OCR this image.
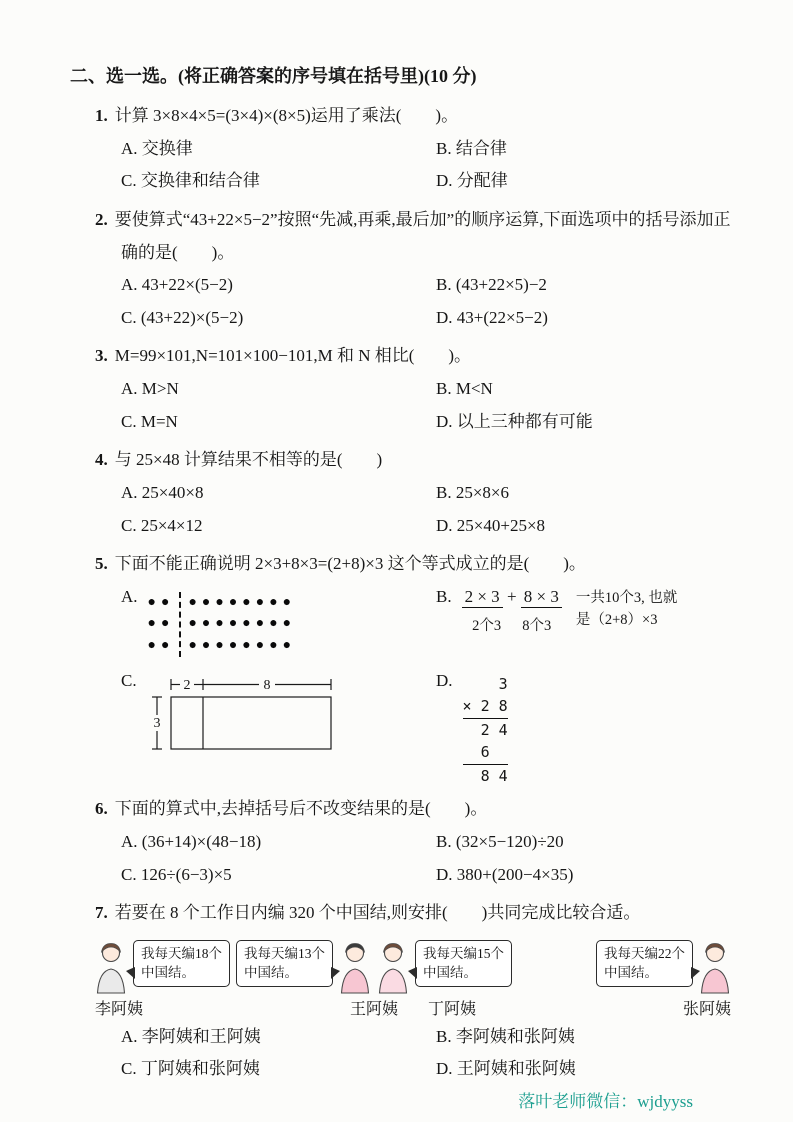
二、选一选。(将正确答案的序号填在括号里)(10 分)

1. 计算 3×8×4×5=(3×4)×(8×5)运用了乘法(　　)。

A. 交换律	B. 结合律
C. 交换律和结合律	D. 分配律

2. 要使算式“43+22×5−2”按照“先减,再乘,最后加”的顺序运算,下面选项中的括号添加正确的是(　　)。

A. 43+22×(5−2)	B. (43+22×5)−2
C. (43+22)×(5−2)	D. 43+(22×5−2)

3. M=99×101,N=101×100−101,M 和 N 相比(　　)。

A. M>N	B. M<N
C. M=N	D. 以上三种都有可能

4. 与 25×48 计算结果不相等的是(　　)

A. 25×40×8	B. 25×8×6
C. 25×4×12	D. 25×40+25×8

5. 下面不能正确说明 2×3+8×3=(2+8)×3 这个等式成立的是(　　)。

A. ●●
●●
●●
●●●●●●●●
●●●●●●●●
●●●●●●●●
B. 2 × 3 + 8 × 3
2个3 8个3
一共10个3, 也就
是（2+8）×3
C.	2	8
3
D. 3
× 2 8
2 4
6
8 4

6. 下面的算式中,去掉括号后不改变结果的是(　　)。

A. (36+14)×(48−18)	B. (32×5−120)÷20
C. 126÷(6−3)×5	D. 380+(200−4×35)

7. 若要在 8 个工作日内编 320 个中国结,则安排(　　)共同完成比较合适。

我每天编18个
中国结。
我每天编13个
中国结。
我每天编15个
中国结。
我每天编22个
中国结。
李阿姨	王阿姨 丁阿姨	张阿姨
A. 李阿姨和王阿姨	B. 李阿姨和张阿姨
C. 丁阿姨和张阿姨	D. 王阿姨和张阿姨
落叶老师微信：wjdyyss
